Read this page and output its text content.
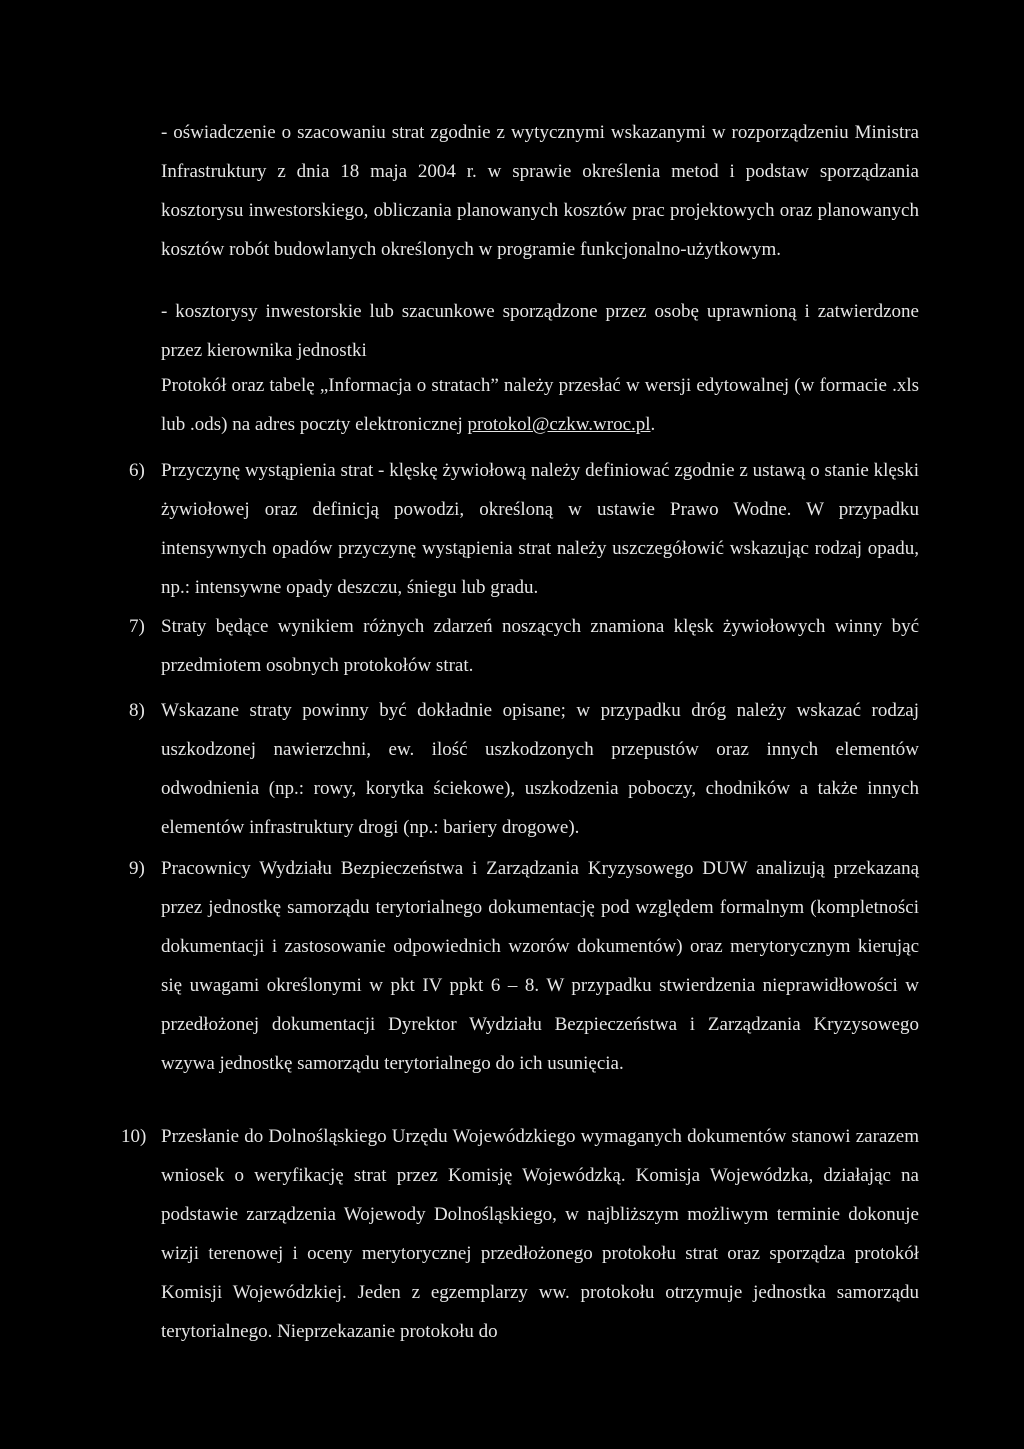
- oświadczenie o szacowaniu strat zgodnie z wytycznymi wskazanymi w rozporządzeniu Ministra Infrastruktury z dnia 18 maja 2004 r. w sprawie określenia metod i podstaw sporządzania kosztorysu inwestorskiego, obliczania planowanych kosztów prac projektowych oraz planowanych kosztów robót budowlanych określonych w programie funkcjonalno-użytkowym.
- kosztorysy inwestorskie lub szacunkowe sporządzone przez osobę uprawnioną i zatwierdzone przez kierownika jednostki
Protokół oraz tabelę „Informacja o stratach” należy przesłać w wersji edytowalnej (w formacie .xls lub .ods) na adres poczty elektronicznej protokol@czkw.wroc.pl.
6) Przyczynę wystąpienia strat - klęskę żywiołową należy definiować zgodnie z ustawą o stanie klęski żywiołowej oraz definicją powodzi, określoną w ustawie Prawo Wodne. W przypadku intensywnych opadów przyczynę wystąpienia strat należy uszczegółowić wskazując rodzaj opadu, np.: intensywne opady deszczu, śniegu lub gradu.
7) Straty będące wynikiem różnych zdarzeń noszących znamiona klęsk żywiołowych winny być przedmiotem osobnych protokołów strat.
8) Wskazane straty powinny być dokładnie opisane; w przypadku dróg należy wskazać rodzaj uszkodzonej nawierzchni, ew. ilość uszkodzonych przepustów oraz innych elementów odwodnienia (np.: rowy, korytka ściekowe), uszkodzenia poboczy, chodników a także innych elementów infrastruktury drogi (np.: bariery drogowe).
9) Pracownicy Wydziału Bezpieczeństwa i Zarządzania Kryzysowego DUW analizują przekazaną przez jednostkę samorządu terytorialnego dokumentację pod względem formalnym (kompletności dokumentacji i zastosowanie odpowiednich wzorów dokumentów) oraz merytorycznym kierując się uwagami określonymi w pkt IV ppkt 6 – 8. W przypadku stwierdzenia nieprawidłowości w przedłożonej dokumentacji Dyrektor Wydziału Bezpieczeństwa i Zarządzania Kryzysowego wzywa jednostkę samorządu terytorialnego do ich usunięcia.
10) Przesłanie do Dolnośląskiego Urzędu Wojewódzkiego wymaganych dokumentów stanowi zarazem wniosek o weryfikację strat przez Komisję Wojewódzką. Komisja Wojewódzka, działając na podstawie zarządzenia Wojewody Dolnośląskiego, w najbliższym możliwym terminie dokonuje wizji terenowej i oceny merytorycznej przedłożonego protokołu strat oraz sporządza protokół Komisji Wojewódzkiej. Jeden z egzemplarzy ww. protokołu otrzymuje jednostka samorządu terytorialnego. Nieprzekazanie protokołu do
